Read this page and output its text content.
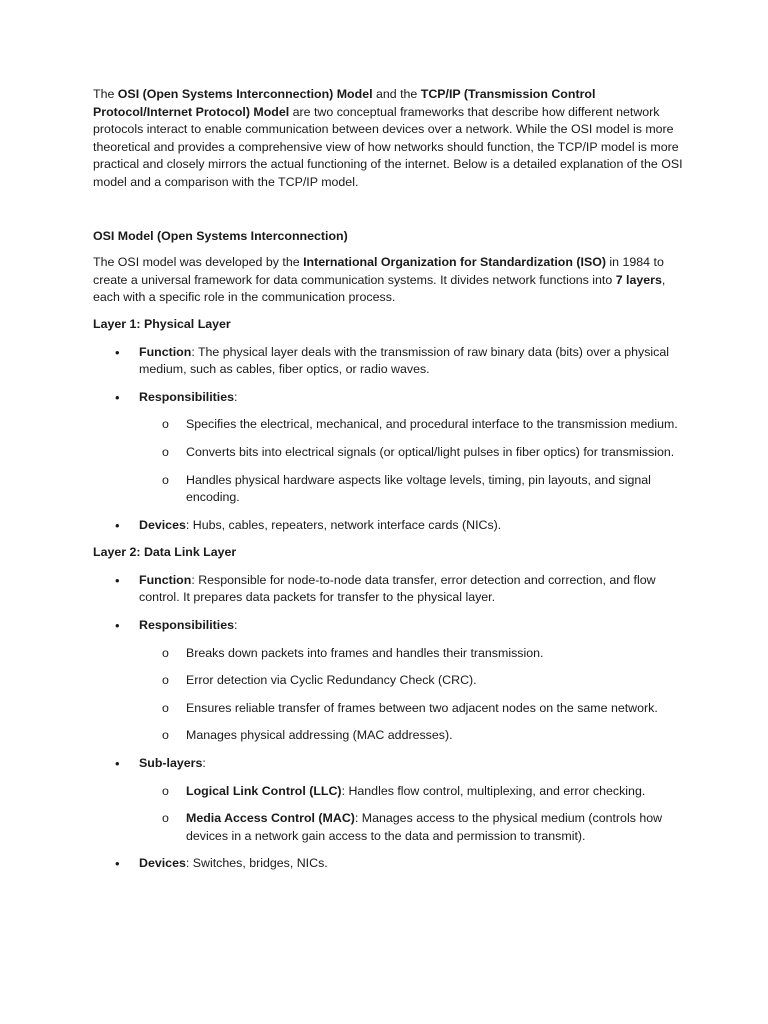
The OSI (Open Systems Interconnection) Model and the TCP/IP (Transmission Control Protocol/Internet Protocol) Model are two conceptual frameworks that describe how different network protocols interact to enable communication between devices over a network. While the OSI model is more theoretical and provides a comprehensive view of how networks should function, the TCP/IP model is more practical and closely mirrors the actual functioning of the internet. Below is a detailed explanation of the OSI model and a comparison with the TCP/IP model.

OSI Model (Open Systems Interconnection)

The OSI model was developed by the International Organization for Standardization (ISO) in 1984 to create a universal framework for data communication systems. It divides network functions into 7 layers, each with a specific role in the communication process.

Layer 1: Physical Layer

• Function: The physical layer deals with the transmission of raw binary data (bits) over a physical medium, such as cables, fiber optics, or radio waves.
• Responsibilities:
o Specifies the electrical, mechanical, and procedural interface to the transmission medium.
o Converts bits into electrical signals (or optical/light pulses in fiber optics) for transmission.
o Handles physical hardware aspects like voltage levels, timing, pin layouts, and signal encoding.
• Devices: Hubs, cables, repeaters, network interface cards (NICs).

Layer 2: Data Link Layer

• Function: Responsible for node-to-node data transfer, error detection and correction, and flow control. It prepares data packets for transfer to the physical layer.
• Responsibilities:
o Breaks down packets into frames and handles their transmission.
o Error detection via Cyclic Redundancy Check (CRC).
o Ensures reliable transfer of frames between two adjacent nodes on the same network.
o Manages physical addressing (MAC addresses).
• Sub-layers:
o Logical Link Control (LLC): Handles flow control, multiplexing, and error checking.
o Media Access Control (MAC): Manages access to the physical medium (controls how devices in a network gain access to the data and permission to transmit).
• Devices: Switches, bridges, NICs.
